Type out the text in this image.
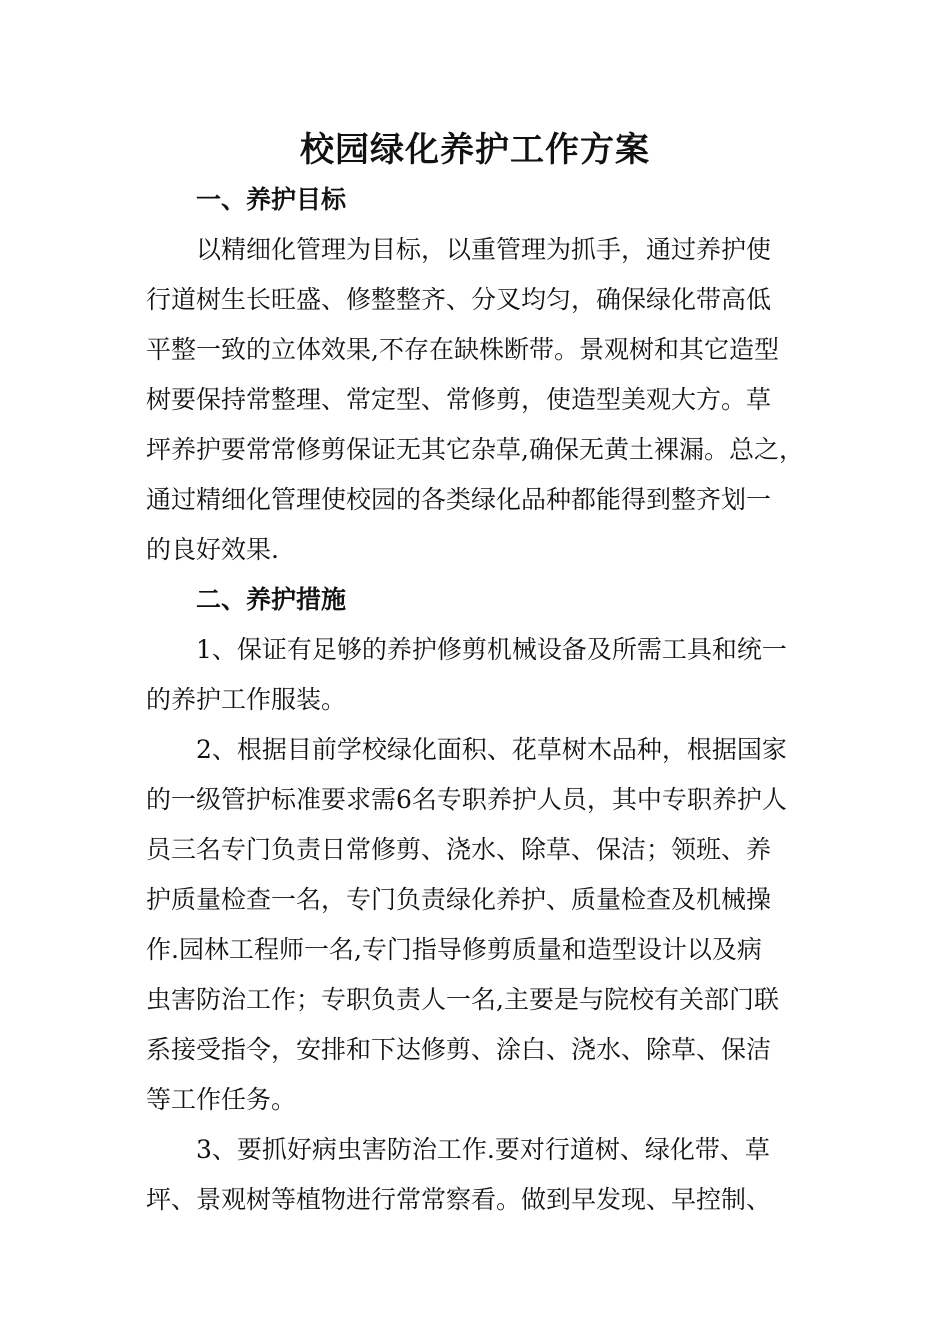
校园绿化养护工作方案
一、养护目标
以精细化管理为目标，以重管理为抓手，通过养护使
行道树生长旺盛、修整整齐、分叉均匀，确保绿化带高低
平整一致的立体效果,不存在缺株断带。景观树和其它造型
树要保持常整理、常定型、常修剪，使造型美观大方。草
坪养护要常常修剪保证无其它杂草,确保无黄土裸漏。总之，
通过精细化管理使校园的各类绿化品种都能得到整齐划一
的良好效果.
二、养护措施
1、保证有足够的养护修剪机械设备及所需工具和统一
的养护工作服装。
2、根据目前学校绿化面积、花草树木品种，根据国家
的一级管护标准要求需6名专职养护人员，其中专职养护人
员三名专门负责日常修剪、浇水、除草、保洁；领班、养
护质量检查一名，专门负责绿化养护、质量检查及机械操
作.园林工程师一名,专门指导修剪质量和造型设计以及病
虫害防治工作；专职负责人一名,主要是与院校有关部门联
系接受指令，安排和下达修剪、涂白、浇水、除草、保洁
等工作任务。
3、要抓好病虫害防治工作.要对行道树、绿化带、草
坪、景观树等植物进行常常察看。做到早发现、早控制、
